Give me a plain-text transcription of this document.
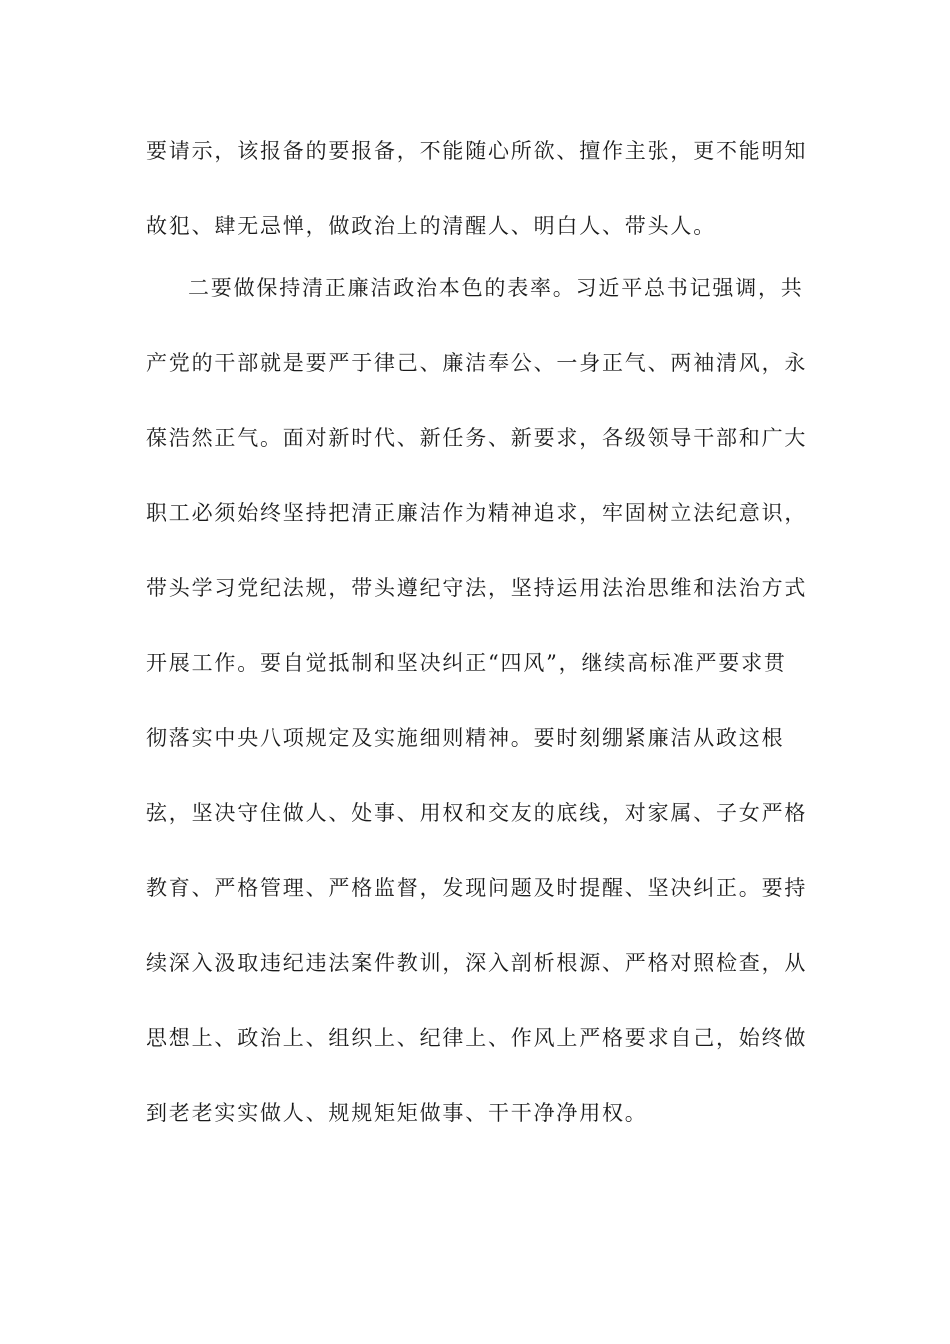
要请示，该报备的要报备，不能随心所欲、擅作主张，更不能明知
故犯、肆无忌惮，做政治上的清醒人、明白人、带头人。
二要做保持清正廉洁政治本色的表率。习近平总书记强调，共
产党的干部就是要严于律己、廉洁奉公、一身正气、两袖清风，永
葆浩然正气。面对新时代、新任务、新要求，各级领导干部和广大
职工必须始终坚持把清正廉洁作为精神追求，牢固树立法纪意识，
带头学习党纪法规，带头遵纪守法，坚持运用法治思维和法治方式
开展工作。要自觉抵制和坚决纠正“四风”，继续高标准严要求贯
彻落实中央八项规定及实施细则精神。要时刻绷紧廉洁从政这根
弦，坚决守住做人、处事、用权和交友的底线，对家属、子女严格
教育、严格管理、严格监督，发现问题及时提醒、坚决纠正。要持
续深入汲取违纪违法案件教训，深入剖析根源、严格对照检查，从
思想上、政治上、组织上、纪律上、作风上严格要求自己，始终做
到老老实实做人、规规矩矩做事、干干净净用权。
